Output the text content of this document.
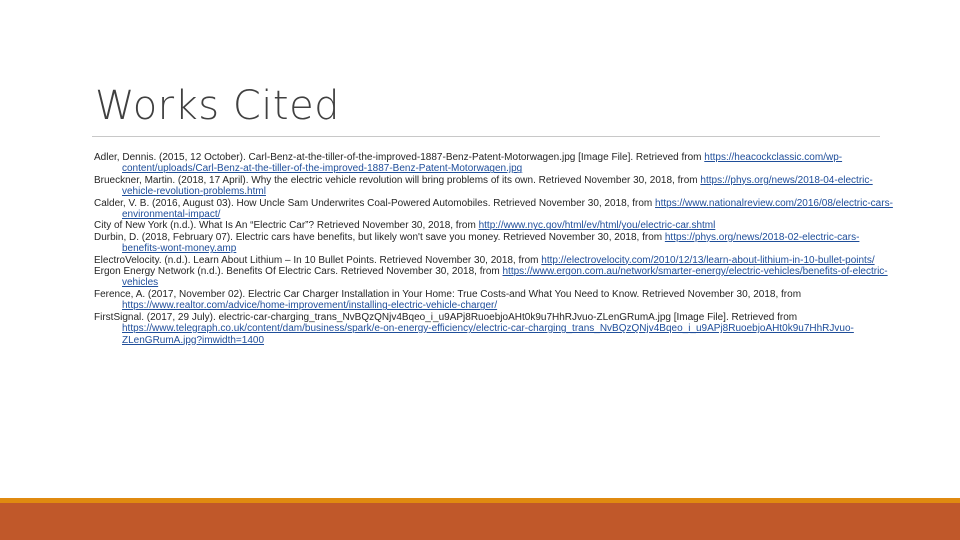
Works Cited

Adler, Dennis. (2015, 12 October). Carl-Benz-at-the-tiller-of-the-improved-1887-Benz-Patent-Motorwagen.jpg [Image File]. Retrieved from https://heacockclassic.com/wp-content/uploads/Carl-Benz-at-the-tiller-of-the-improved-1887-Benz-Patent-Motorwagen.jpg

Brueckner, Martin. (2018, 17 April). Why the electric vehicle revolution will bring problems of its own. Retrieved November 30, 2018, from https://phys.org/news/2018-04-electric-vehicle-revolution-problems.html

Calder, V. B. (2016, August 03). How Uncle Sam Underwrites Coal-Powered Automobiles. Retrieved November 30, 2018, from https://www.nationalreview.com/2016/08/electric-cars-environmental-impact/

City of New York (n.d.). What Is An “Electric Car”? Retrieved November 30, 2018, from http://www.nyc.gov/html/ev/html/you/electric-car.shtml

Durbin, D. (2018, February 07). Electric cars have benefits, but likely won't save you money. Retrieved November 30, 2018, from https://phys.org/news/2018-02-electric-cars-benefits-wont-money.amp

ElectroVelocity. (n.d.). Learn About Lithium – In 10 Bullet Points. Retrieved November 30, 2018, from http://electrovelocity.com/2010/12/13/learn-about-lithium-in-10-bullet-points/

Ergon Energy Network (n.d.). Benefits Of Electric Cars. Retrieved November 30, 2018, from https://www.ergon.com.au/network/smarter-energy/electric-vehicles/benefits-of-electric-vehicles

Ference, A. (2017, November 02). Electric Car Charger Installation in Your Home: True Costs-and What You Need to Know. Retrieved November 30, 2018, from https://www.realtor.com/advice/home-improvement/installing-electric-vehicle-charger/

FirstSignal. (2017, 29 July). electric-car-charging_trans_NvBQzQNjv4Bqeo_i_u9APj8RuoebjoAHt0k9u7HhRJvuo-ZLenGRumA.jpg [Image File]. Retrieved from https://www.telegraph.co.uk/content/dam/business/spark/e-on-energy-efficiency/electric-car-charging_trans_NvBQzQNjv4Bqeo_i_u9APj8RuoebjoAHt0k9u7HhRJvuo-ZLenGRumA.jpg?imwidth=1400
